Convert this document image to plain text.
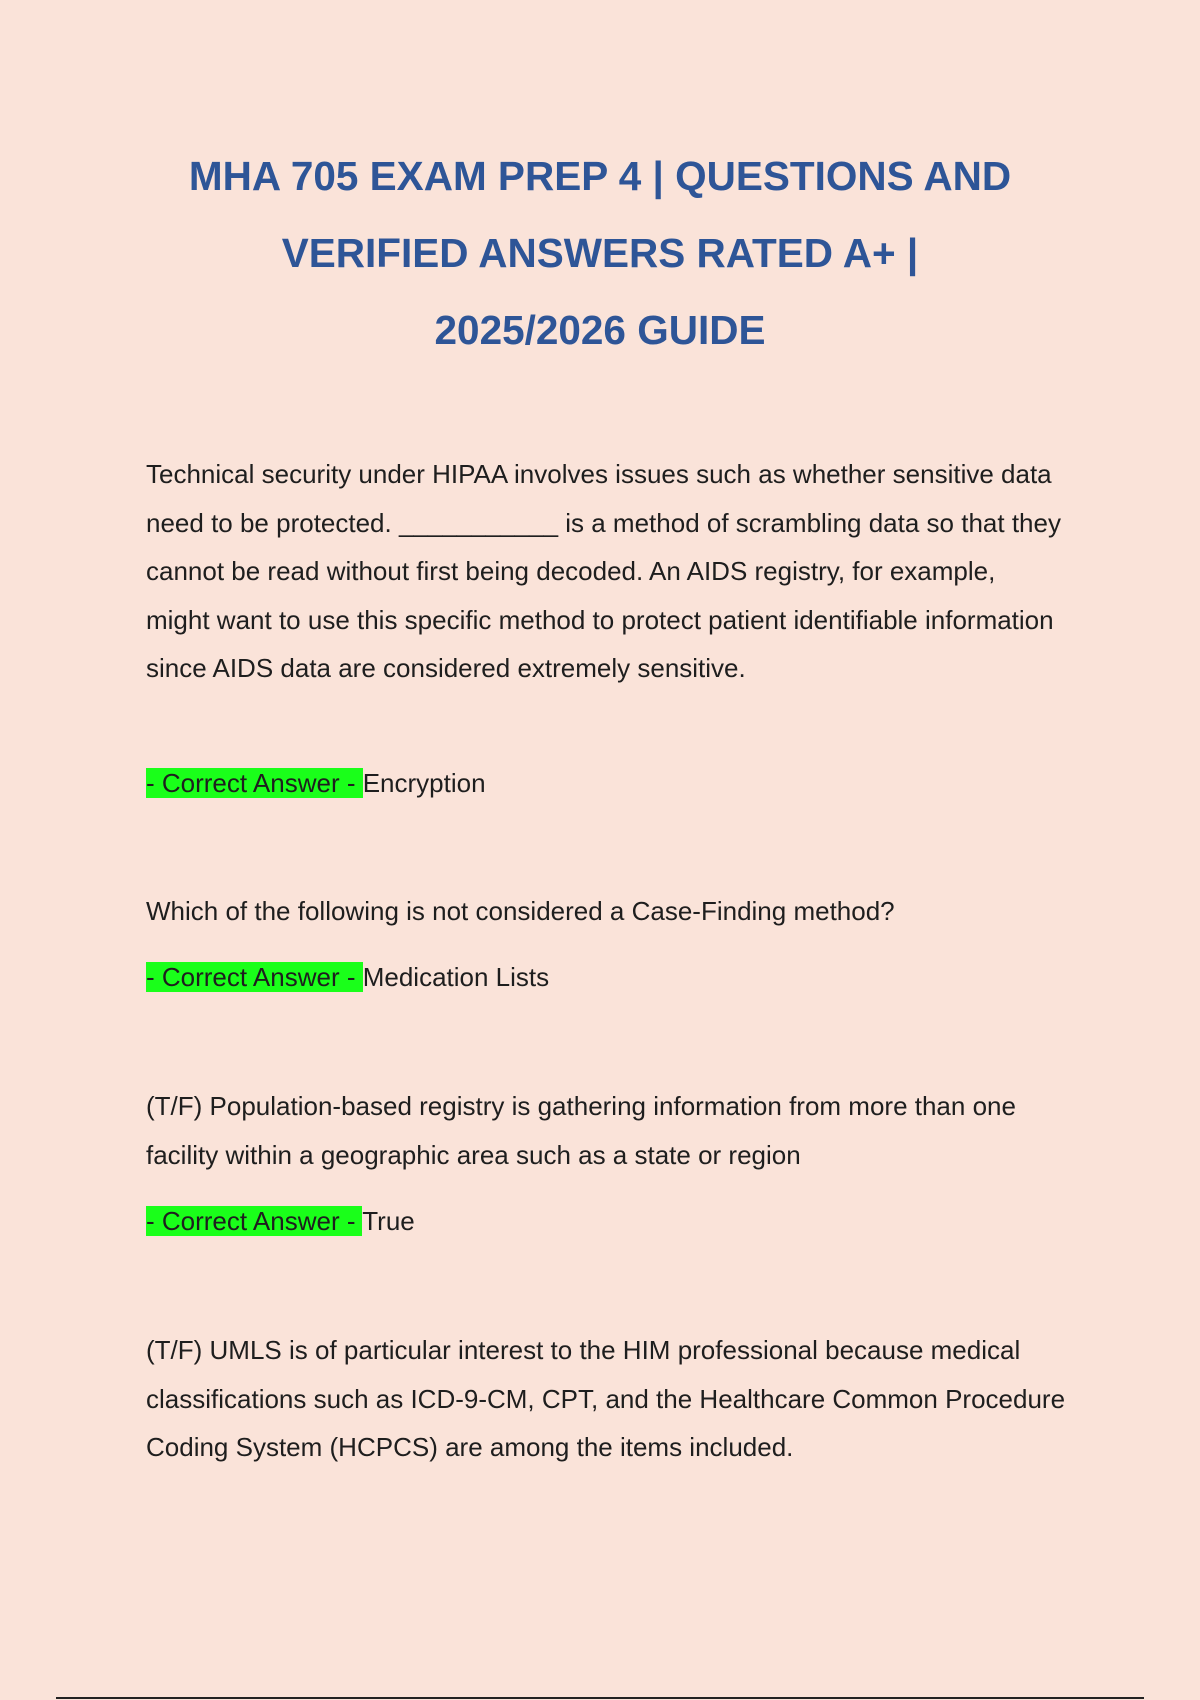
MHA 705 EXAM PREP 4 | QUESTIONS AND
VERIFIED ANSWERS RATED A+ |
2025/2026 GUIDE

Technical security under HIPAA involves issues such as whether sensitive data need to be protected. ___________ is a method of scrambling data so that they cannot be read without first being decoded. An AIDS registry, for example, might want to use this specific method to protect patient identifiable information since AIDS data are considered extremely sensitive.

- Correct Answer - Encryption

Which of the following is not considered a Case-Finding method?

- Correct Answer - Medication Lists

(T/F) Population-based registry is gathering information from more than one facility within a geographic area such as a state or region

- Correct Answer - True

(T/F) UMLS is of particular interest to the HIM professional because medical classifications such as ICD-9-CM, CPT, and the Healthcare Common Procedure Coding System (HCPCS) are among the items included.
